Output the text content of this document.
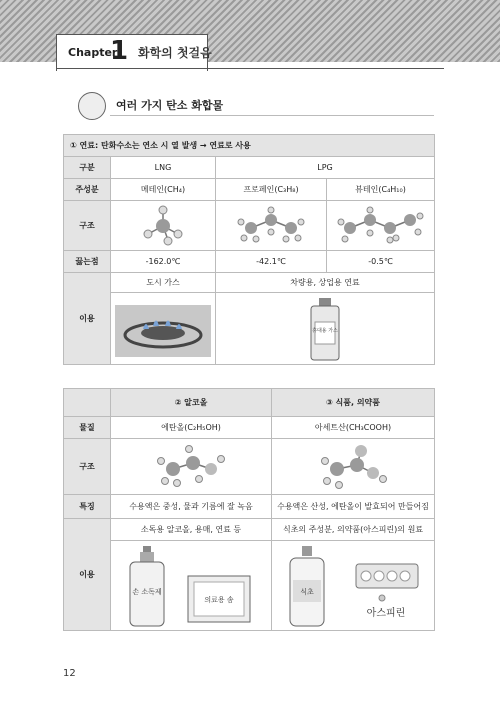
Chapter
1 화학의 첫걸음
여러 가지 탄소 화합물
① 연료: 탄화수소는 연소 시 열 발생 → 연료로 사용			
구분	LNG	LPG	
주성분	메테인(CH₄)	프로페인(C₃H₈)	뷰테인(C₄H₁₀)
구조	

끓는점	-162.0℃	-42.1℃	-0.5℃
이용	도시 가스	차량용, 상업용 연료	

휴대용 가스	
	② 알코올	③ 식품, 의약품
물질	에탄올(C₂H₅OH)	아세트산(CH₃COOH)
구조	

특징	수용액은 중성, 물과 기름에 잘 녹음	수용액은 산성, 에탄올이 발효되어 만들어짐
이용	소독용 알코올, 용매, 연료 등	식초의 주성분, 의약품(아스피린)의 원료

손 소독제
의료용 솜	식초
아스피린
12
